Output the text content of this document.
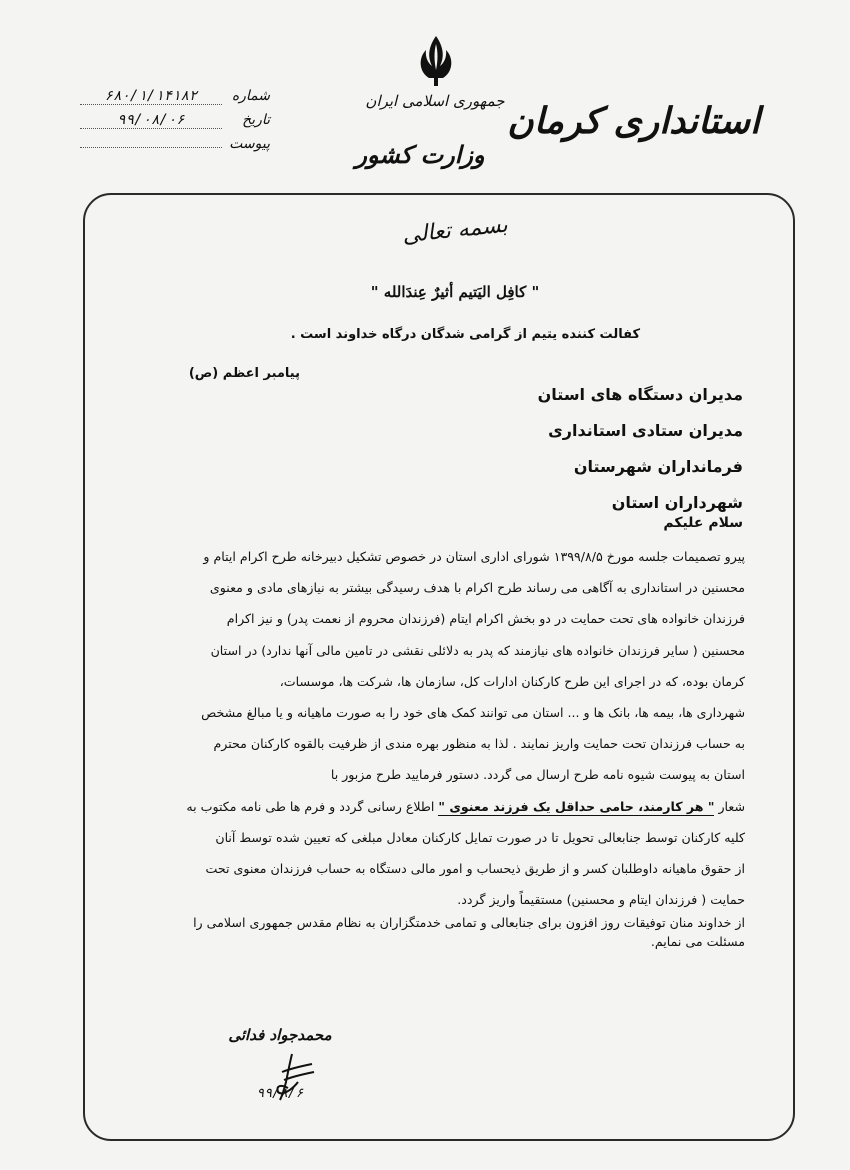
جمهوری اسلامی ایران
وزارت کشور
استانداری کرمان
شماره
۶۸۰/۱/۱۴۱۸۲
تاریخ
۹۹/۰۸/۰۶
پیوست
بسمه تعالی
" كافِل اليَتيم أثيرٌ عِندَالله "
کفالت کننده یتیم از گرامی شدگان درگاه خداوند است .
پیامبر اعظم (ص)
مدیران دستگاه های استان
مدیران ستادی استانداری
فرمانداران شهرستان
شهرداران استان
سلام علیکم
پیرو تصمیمات جلسه مورخ ۱۳۹۹/۸/۵ شورای اداری استان در خصوص تشکیل دبیرخانه طرح اکرام ایتام و
محسنین در استانداری به آگاهی می رساند طرح اکرام با هدف رسیدگی بیشتر به نیازهای مادی و معنوی
فرزندان خانواده های تحت حمایت در دو بخش اکرام ایتام (فرزندان محروم از نعمت پدر) و نیز اکرام
محسنین ( سایر فرزندان خانواده های نیازمند که پدر به دلائلی نقشی در تامین مالی آنها ندارد) در استان
کرمان بوده، که در اجرای این طرح کارکنان ادارات کل، سازمان ها، شرکت ها، موسسات،
شهرداری ها، بیمه ها، بانک ها و ... استان می توانند کمک های خود را به صورت ماهیانه و یا مبالغ مشخص
به حساب فرزندان تحت حمایت واریز نمایند . لذا به منظور بهره مندی از ظرفیت بالقوه کارکنان محترم
استان به پیوست شیوه نامه طرح ارسال می گردد. دستور فرمایید طرح مزبور با
شعار " هر کارمند، حامی حداقل یک فرزند معنوی " اطلاع رسانی گردد و فرم ها طی نامه مکتوب به
کلیه کارکنان توسط جنابعالی تحویل تا در صورت تمایل کارکنان معادل مبلغی که تعیین شده توسط آنان
از حقوق ماهیانه داوطلبان کسر و از طریق ذیحساب و امور مالی دستگاه به حساب فرزندان معنوی تحت
حمایت ( فرزندان ایتام و محسنین) مستقیماً واریز گردد.
از خداوند منان توفیقات روز افزون برای جنابعالی و تمامی خدمتگزاران به نظام مقدس جمهوری اسلامی را
مسئلت می نمایم.
محمدجواد فدائی
۹۹/۸/۶
